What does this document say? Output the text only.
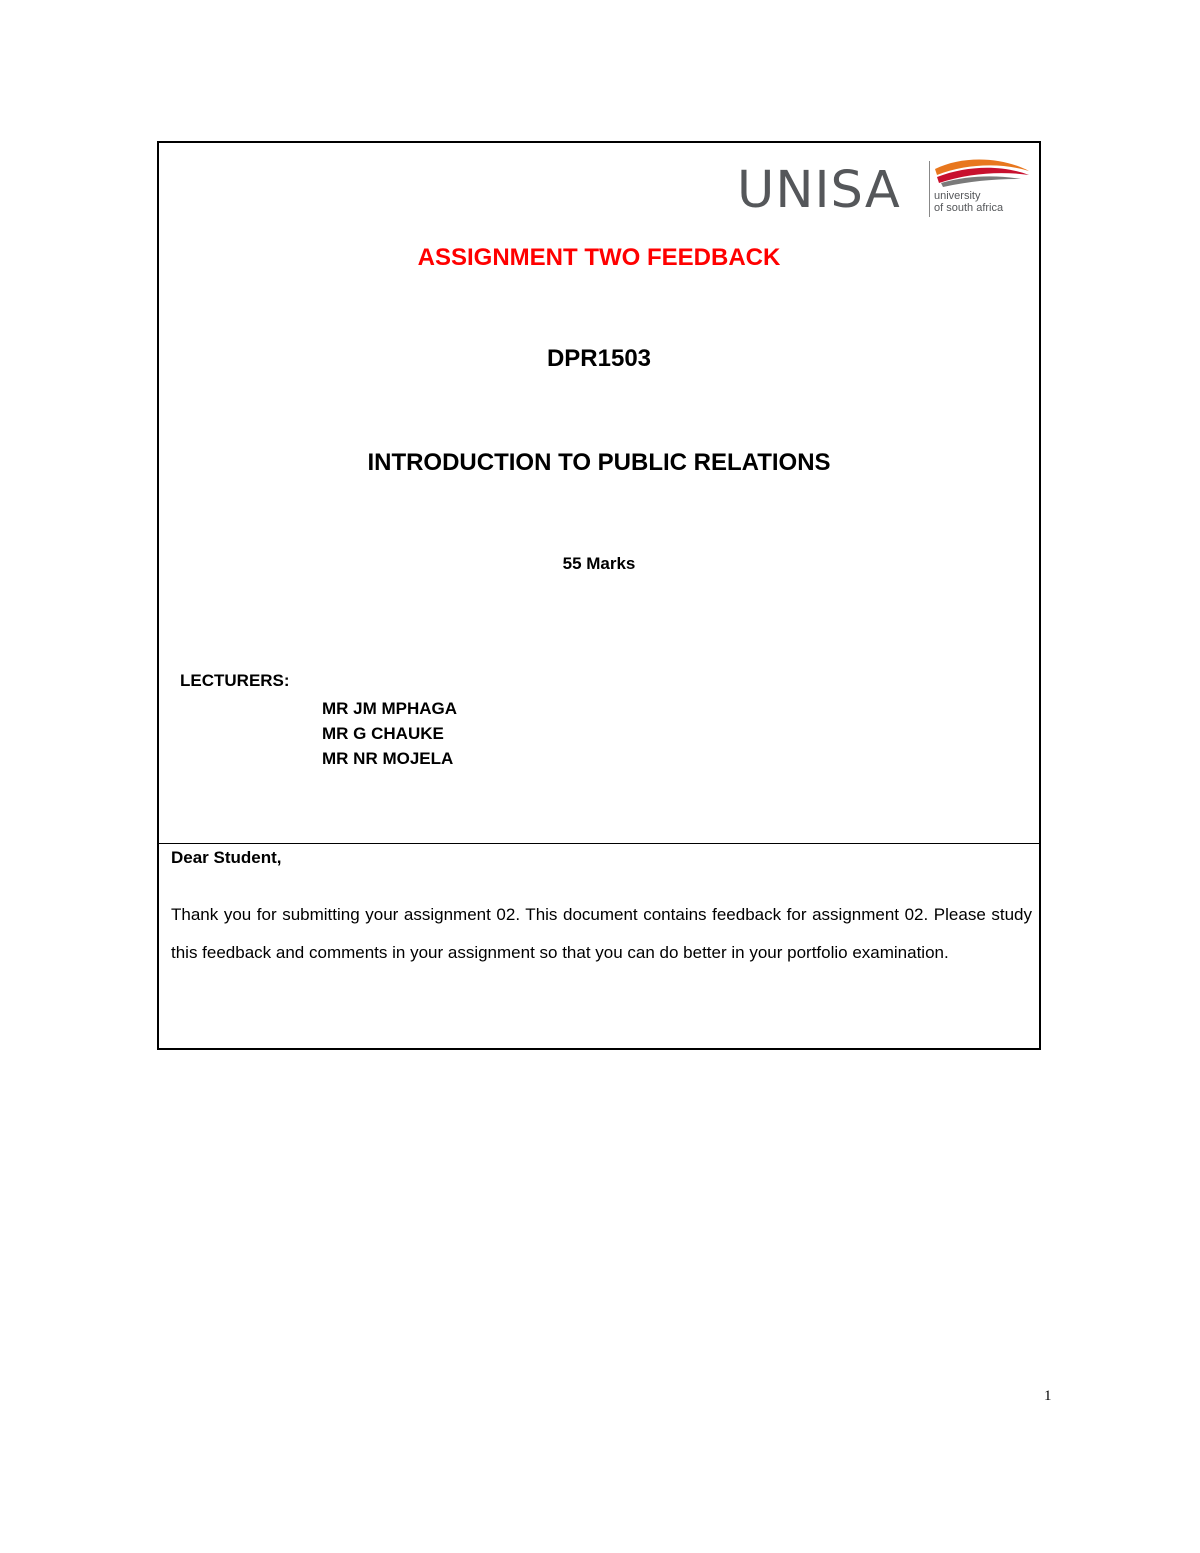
UNISA	university
of south africa
ASSIGNMENT TWO FEEDBACK
DPR1503
INTRODUCTION TO PUBLIC RELATIONS
55 Marks
LECTURERS:
MR JM MPHAGA
MR G CHAUKE
MR NR MOJELA
Dear Student,

Thank you for submitting your assignment 02. This document contains feedback for assignment 02. Please study this feedback and comments in your assignment so that you can do better in your portfolio examination.

1
